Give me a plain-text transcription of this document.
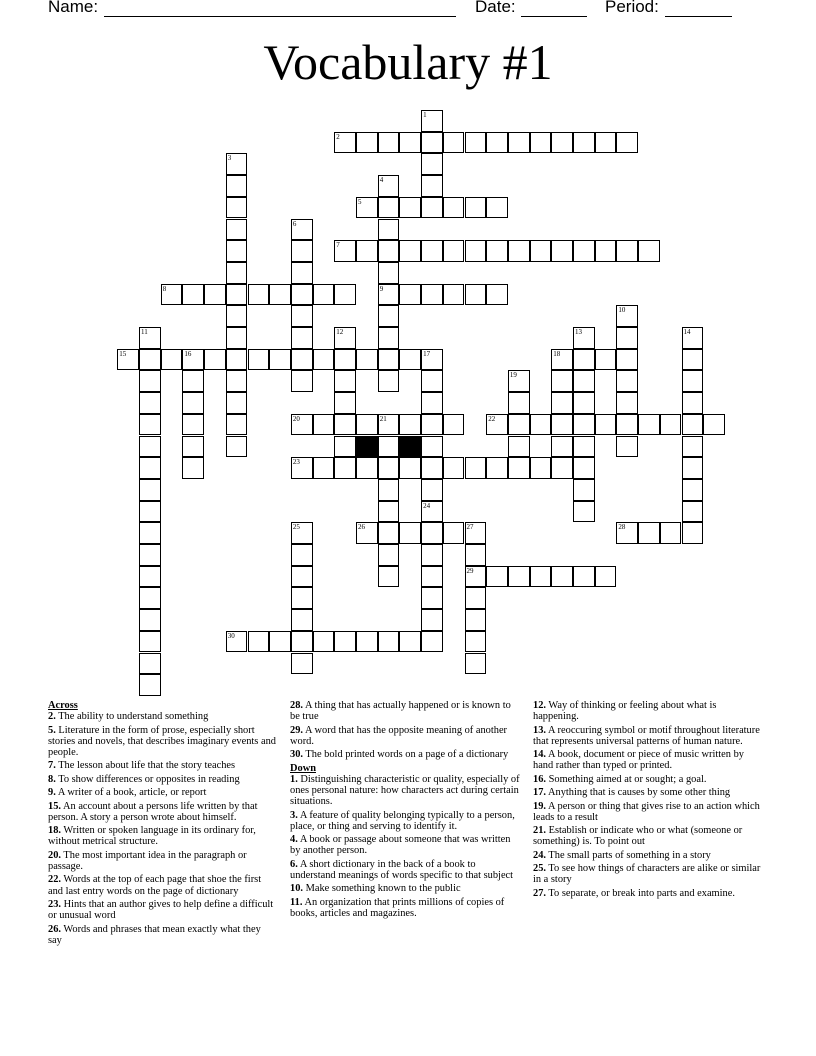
Name:	Date:	Period:
Vocabulary #1
2
5
7
8	9
15	16	18
20	21	22
23
26	27	28
29
30
1
3
4
6
10
11	12	13	14
17
19
24
25
Across
2. The ability to understand something
5. Literature in the form of prose, especially short stories and novels, that describes imaginary events and people.
7. The lesson about life that the story teaches
8. To show differences or opposites in reading
9. A writer of a book, article, or report
15. An account about a persons life written by that person. A story a person wrote about himself.
18. Written or spoken language in its ordinary for, without metrical structure.
20. The most important idea in the paragraph or passage.
22. Words at the top of each page that shoe the first and last entry words on the page of dictionary
23. Hints that an author gives to help define a difficult or unusual word
26. Words and phrases that mean exactly what they say
28. A thing that has actually happened or is known to be true
29. A word that has the opposite meaning of another word.
30. The bold printed words on a page of a dictionary
Down
1. Distinguishing characteristic or quality, especially of ones personal nature: how characters act during certain situations.
3. A feature of quality belonging typically to a person, place, or thing and serving to identify it.
4. A book or passage about someone that was written by another person.
6. A short dictionary in the back of a book to understand meanings of words specific to that subject
10. Make something known to the public
11. An organization that prints millions of copies of books, articles and magazines.
12. Way of thinking or feeling about what is happening.
13. A reoccuring symbol or motif throughout literature that represents universal patterns of human nature.
14. A book, document or piece of music written by hand rather than typed or printed.
16. Something aimed at or sought; a goal.
17. Anything that is causes by some other thing
19. A person or thing that gives rise to an action which leads to a result
21. Establish or indicate who or what (someone or something) is. To point out
24. The small parts of something in a story
25. To see how things of characters are alike or similar in a story
27. To separate, or break into parts and examine.
